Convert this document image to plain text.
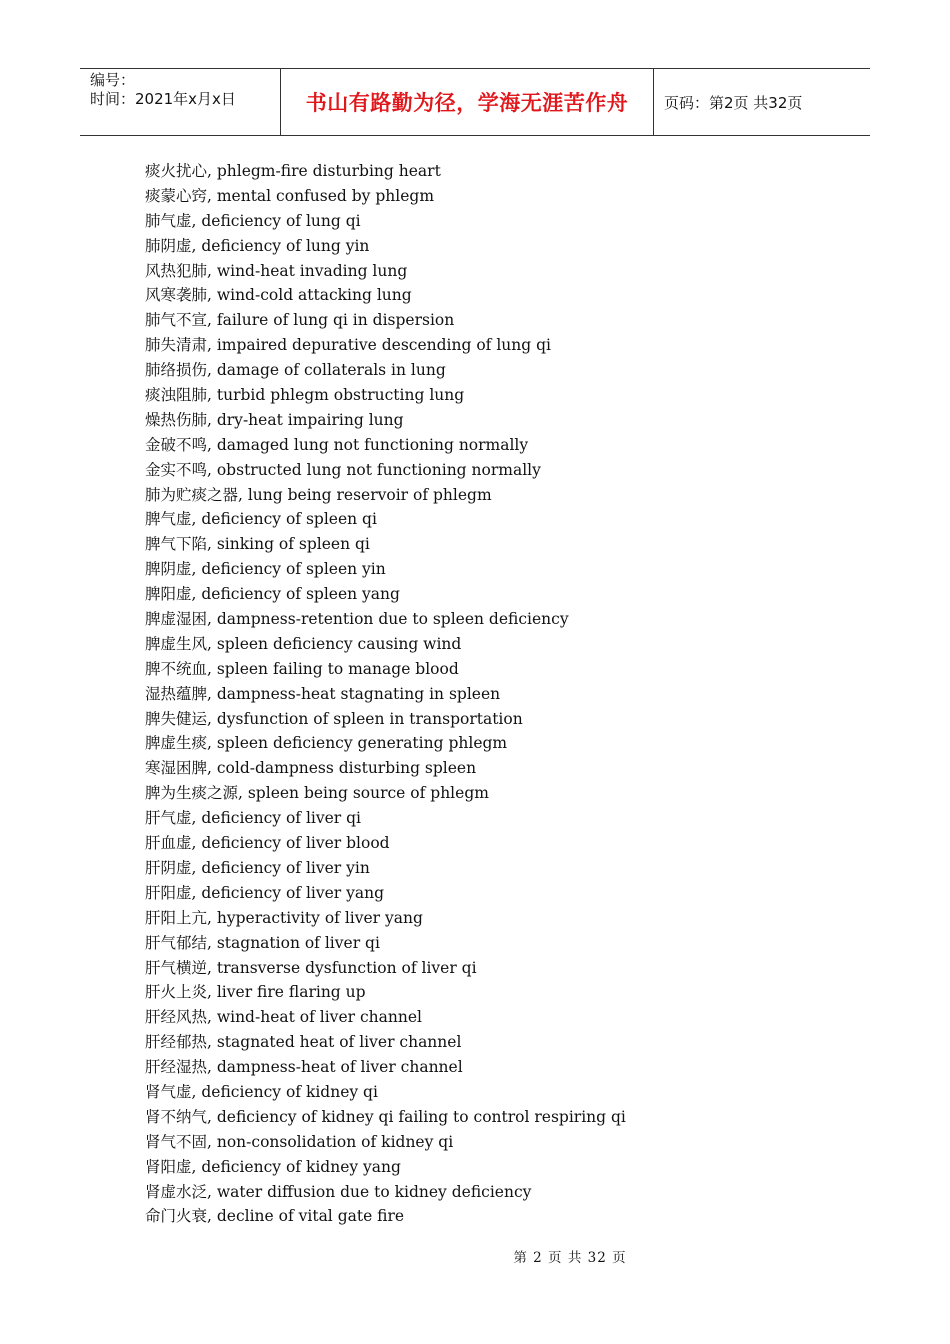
编号：
时间：2021年x月x日	书山有路勤为径，学海无涯苦作舟 页码：第2页 共32页
痰火扰心, phlegm-fire disturbing heart
痰蒙心窍, mental confused by phlegm
肺气虚, deficiency of lung qi
肺阴虚, deficiency of lung yin
风热犯肺, wind-heat invading lung
风寒袭肺, wind-cold attacking lung
肺气不宣, failure of lung qi in dispersion
肺失清肃, impaired depurative descending of lung qi
肺络损伤, damage of collaterals in lung
痰浊阻肺, turbid phlegm obstructing lung
燥热伤肺, dry-heat impairing lung
金破不鸣, damaged lung not functioning normally
金实不鸣, obstructed lung not functioning normally
肺为贮痰之器, lung being reservoir of phlegm
脾气虚, deficiency of spleen qi
脾气下陷, sinking of spleen qi
脾阴虚, deficiency of spleen yin
脾阳虚, deficiency of spleen yang
脾虚湿困, dampness-retention due to spleen deficiency
脾虚生风, spleen deficiency causing wind
脾不统血, spleen failing to manage blood
湿热蕴脾, dampness-heat stagnating in spleen
脾失健运, dysfunction of spleen in transportation
脾虚生痰, spleen deficiency generating phlegm
寒湿困脾, cold-dampness disturbing spleen
脾为生痰之源, spleen being source of phlegm
肝气虚, deficiency of liver qi
肝血虚, deficiency of liver blood
肝阴虚, deficiency of liver yin
肝阳虚, deficiency of liver yang
肝阳上亢, hyperactivity of liver yang
肝气郁结, stagnation of liver qi
肝气横逆, transverse dysfunction of liver qi
肝火上炎, liver fire flaring up
肝经风热, wind-heat of liver channel
肝经郁热, stagnated heat of liver channel
肝经湿热, dampness-heat of liver channel
肾气虚, deficiency of kidney qi
肾不纳气, deficiency of kidney qi failing to control respiring qi
肾气不固, non-consolidation of kidney qi
肾阳虚, deficiency of kidney yang
肾虚水泛, water diffusion due to kidney deficiency
命门火衰, decline of vital gate fire
第 2 页 共 32 页
